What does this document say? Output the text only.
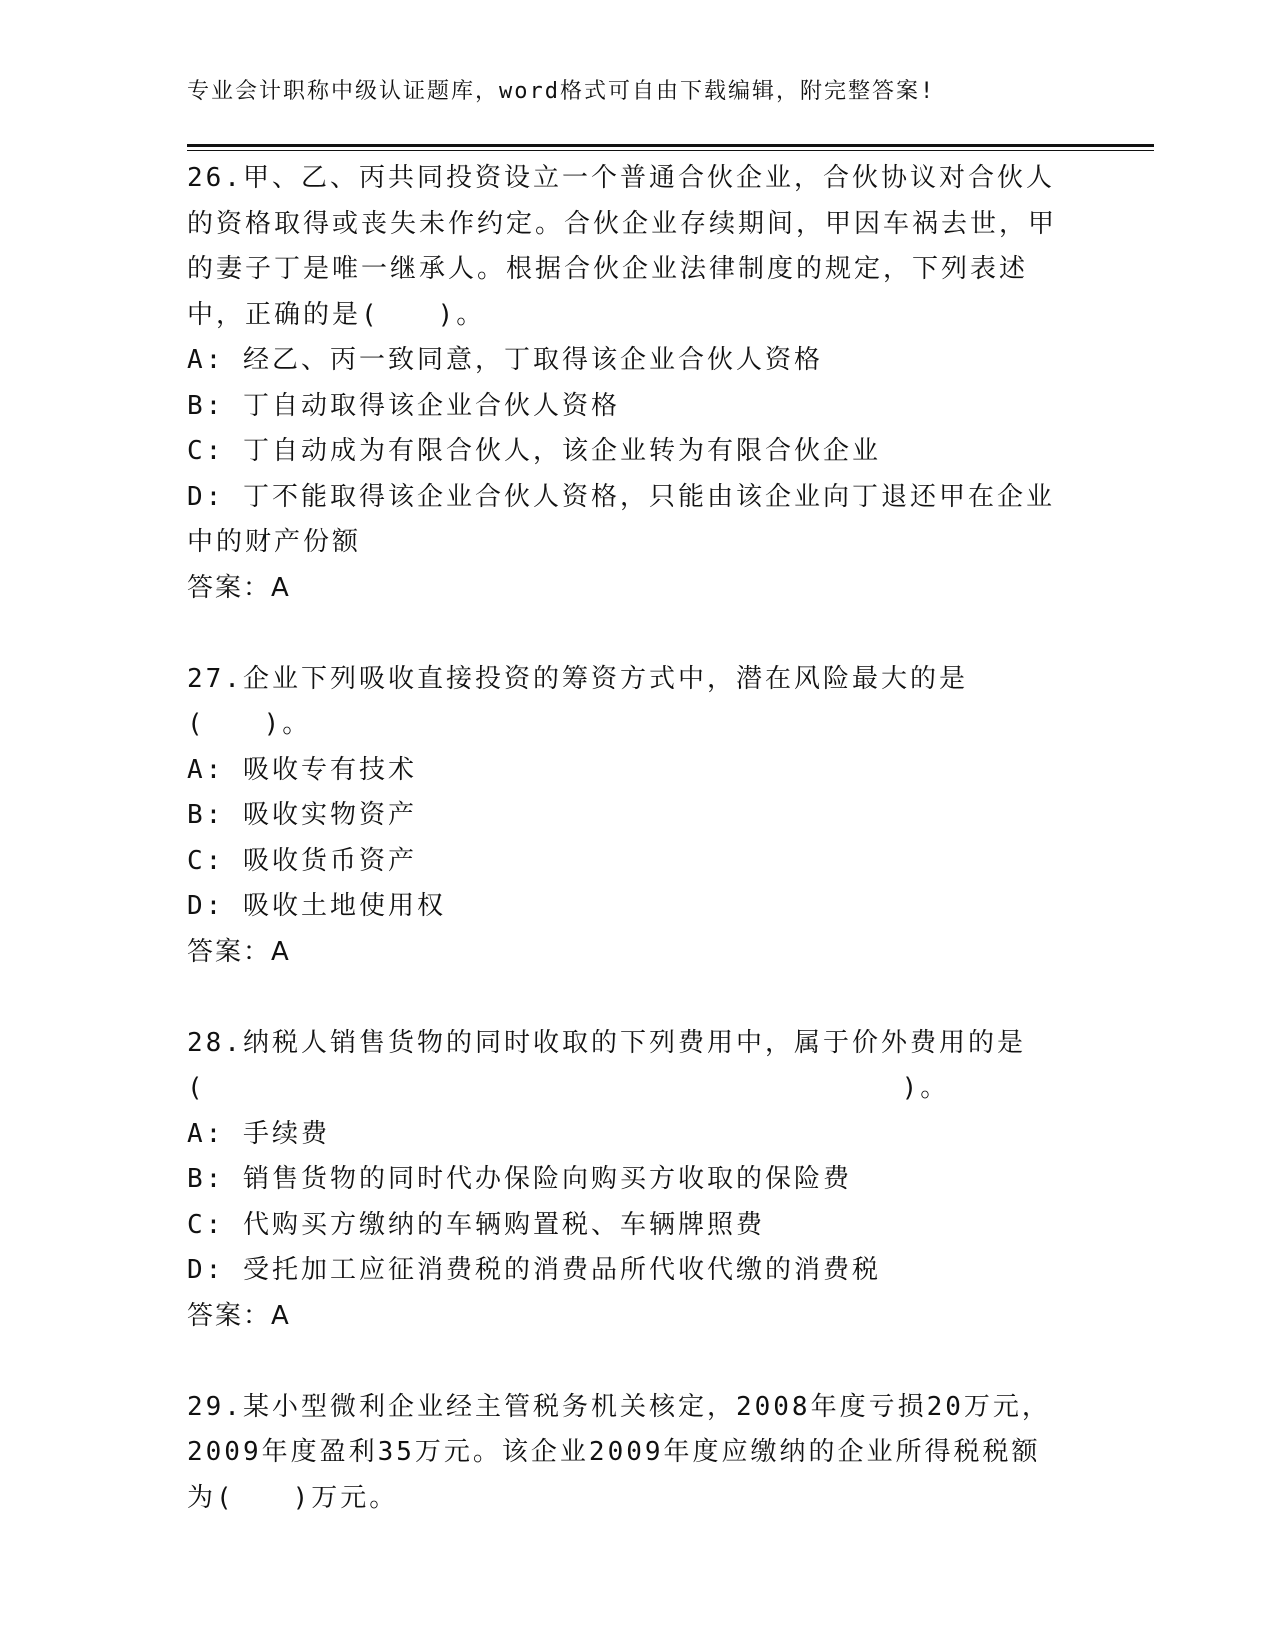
专业会计职称中级认证题库，word格式可自由下载编辑，附完整答案!

26.甲、乙、丙共同投资设立一个普通合伙企业，合伙协议对合伙人的资格取得或丧失未作约定。合伙企业存续期间，甲因车祸去世，甲的妻子丁是唯一继承人。根据合伙企业法律制度的规定，下列表述中，正确的是(　　)。

A: 经乙、丙一致同意，丁取得该企业合伙人资格

B: 丁自动取得该企业合伙人资格

C: 丁自动成为有限合伙人，该企业转为有限合伙企业

D: 丁不能取得该企业合伙人资格，只能由该企业向丁退还甲在企业中的财产份额

答案：A

27.企业下列吸收直接投资的筹资方式中，潜在风险最大的是(　　)。

A: 吸收专有技术

B: 吸收实物资产

C: 吸收货币资产

D: 吸收土地使用权

答案：A

28.纳税人销售货物的同时收取的下列费用中，属于价外费用的是(　　　　　　　　　　　　　　　　　　　　　　　　)。

A: 手续费

B: 销售货物的同时代办保险向购买方收取的保险费

C: 代购买方缴纳的车辆购置税、车辆牌照费

D: 受托加工应征消费税的消费品所代收代缴的消费税

答案：A

29.某小型微利企业经主管税务机关核定，2008年度亏损20万元，2009年度盈利35万元。该企业2009年度应缴纳的企业所得税税额为(　　)万元。
